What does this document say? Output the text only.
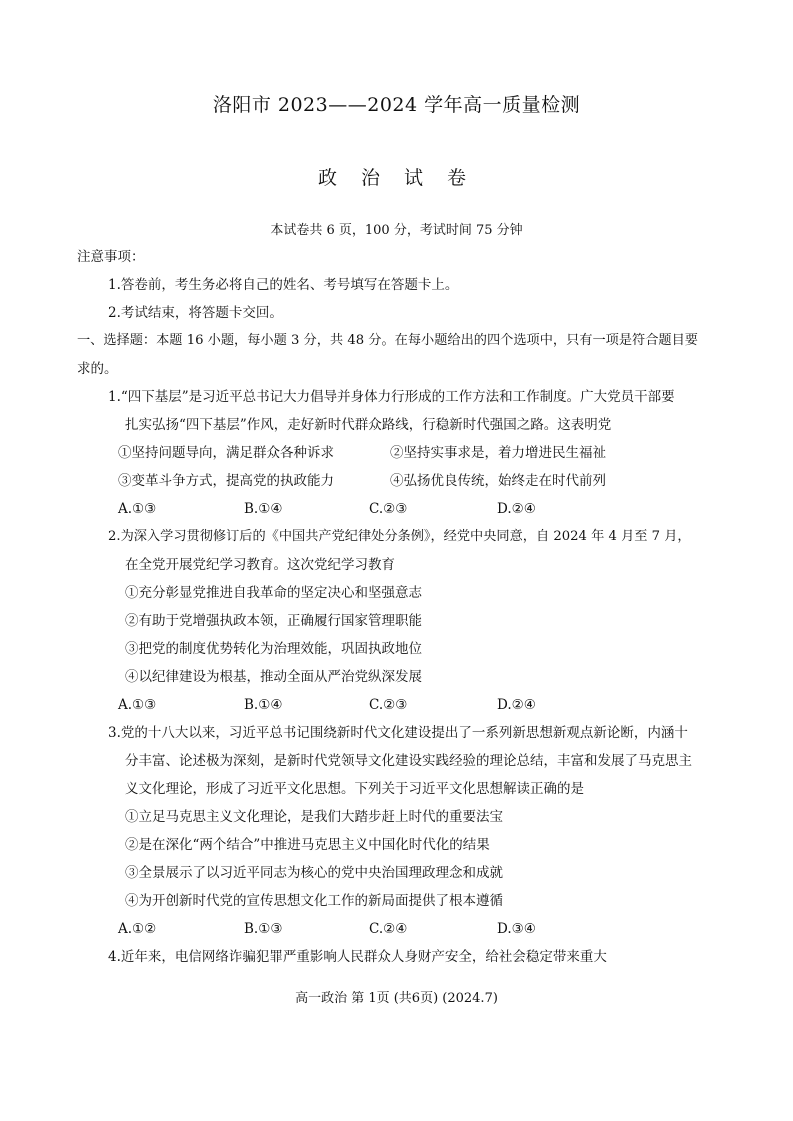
洛阳市 2023——2024 学年高一质量检测
政 治 试 卷
本试卷共 6 页，100 分，考试时间 75 分钟
注意事项：
1.答卷前，考生务必将自己的姓名、考号填写在答题卡上。
2.考试结束，将答题卡交回。
一、选择题：本题 16 小题，每小题 3 分，共 48 分。在每小题给出的四个选项中，只有一项是符合题目要
求的。
1.“四下基层”是习近平总书记大力倡导并身体力行形成的工作方法和工作制度。广大党员干部要
扎实弘扬“四下基层”作风，走好新时代群众路线，行稳新时代强国之路。这表明党
①坚持问题导向，满足群众各种诉求	②坚持实事求是，着力增进民生福祉
③变革斗争方式，提高党的执政能力	④弘扬优良传统，始终走在时代前列
A.①③	B.①④	C.②③	D.②④
2.为深入学习贯彻修订后的《中国共产党纪律处分条例》，经党中央同意，自 2024 年 4 月至 7 月，
在全党开展党纪学习教育。这次党纪学习教育
①充分彰显党推进自我革命的坚定决心和坚强意志
②有助于党增强执政本领，正确履行国家管理职能
③把党的制度优势转化为治理效能，巩固执政地位
④以纪律建设为根基，推动全面从严治党纵深发展
A.①③	B.①④	C.②③	D.②④
3.党的十八大以来，习近平总书记围绕新时代文化建设提出了一系列新思想新观点新论断，内涵十
分丰富、论述极为深刻，是新时代党领导文化建设实践经验的理论总结，丰富和发展了马克思主
义文化理论，形成了习近平文化思想。下列关于习近平文化思想解读正确的是
①立足马克思主义文化理论，是我们大踏步赶上时代的重要法宝
②是在深化“两个结合”中推进马克思主义中国化时代化的结果
③全景展示了以习近平同志为核心的党中央治国理政理念和成就
④为开创新时代党的宣传思想文化工作的新局面提供了根本遵循
A.①②	B.①③	C.②④	D.③④
4.近年来，电信网络诈骗犯罪严重影响人民群众人身财产安全，给社会稳定带来重大
高一政治 第 1页 (共6页) (2024.7)
